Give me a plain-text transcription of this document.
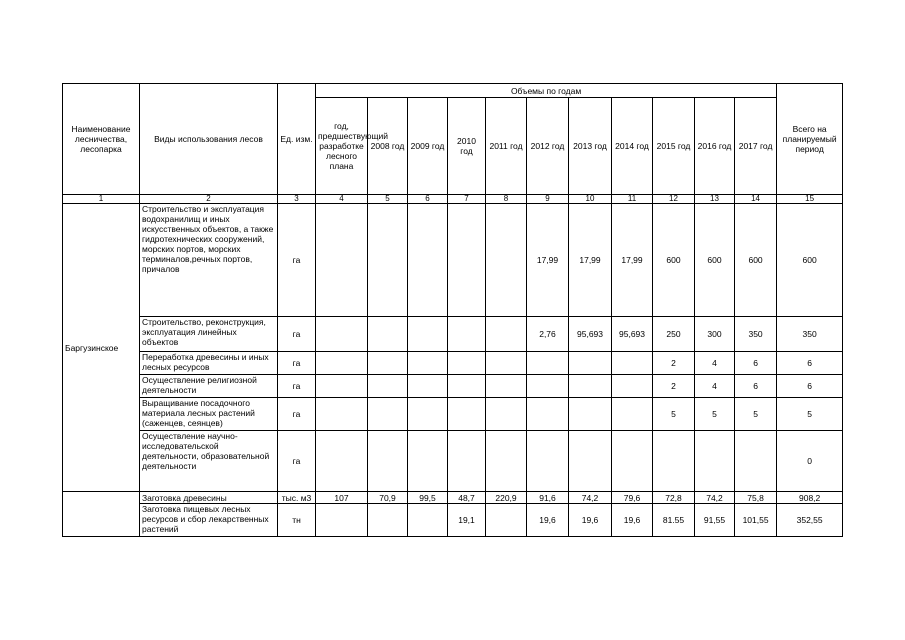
Наименование лесничества, лесопарка	Виды использования лесов	Ед. изм.	Объемы по годам											Всего на планируемый период
			год, предшествующий разработке лесного плана	2008 год	2009 год	2010 год	2011 год	2012 год	2013 год	2014 год	2015 год	2016 год	2017 год	
1	2	3	4	5	6	7	8	9	10	11	12	13	14	15
Баргузинское	Строительство и эксплуатация водохранилищ и иных искусственных объектов, а также гидротехнических сооружений, морских портов, морских терминалов,речных портов, причалов	га						17,99	17,99	17,99	600	600	600	600
	Строительство, реконструкция, эксплуатация линейных объектов	га						2,76	95,693	95,693	250	300	350	350
	Переработка древесины и иных лесных ресурсов	га									2	4	6	6
	Осуществление религиозной деятельности	га									2	4	6	6
	Выращивание посадочного материала лесных растений (саженцев, сеянцев)	га									5	5	5	5
	Осуществление научно-исследовательской деятельности, образовательной деятельности	га												0
	Заготовка древесины	тыс. м3	107	70,9	99,5	48,7	220,9	91,6	74,2	79,6	72,8	74,2	75,8	908,2
	Заготовка пищевых лесных ресурсов и сбор лекарственных растений	тн				19,1		19,6	19,6	19,6	81.55	91,55	101,55	352,55
